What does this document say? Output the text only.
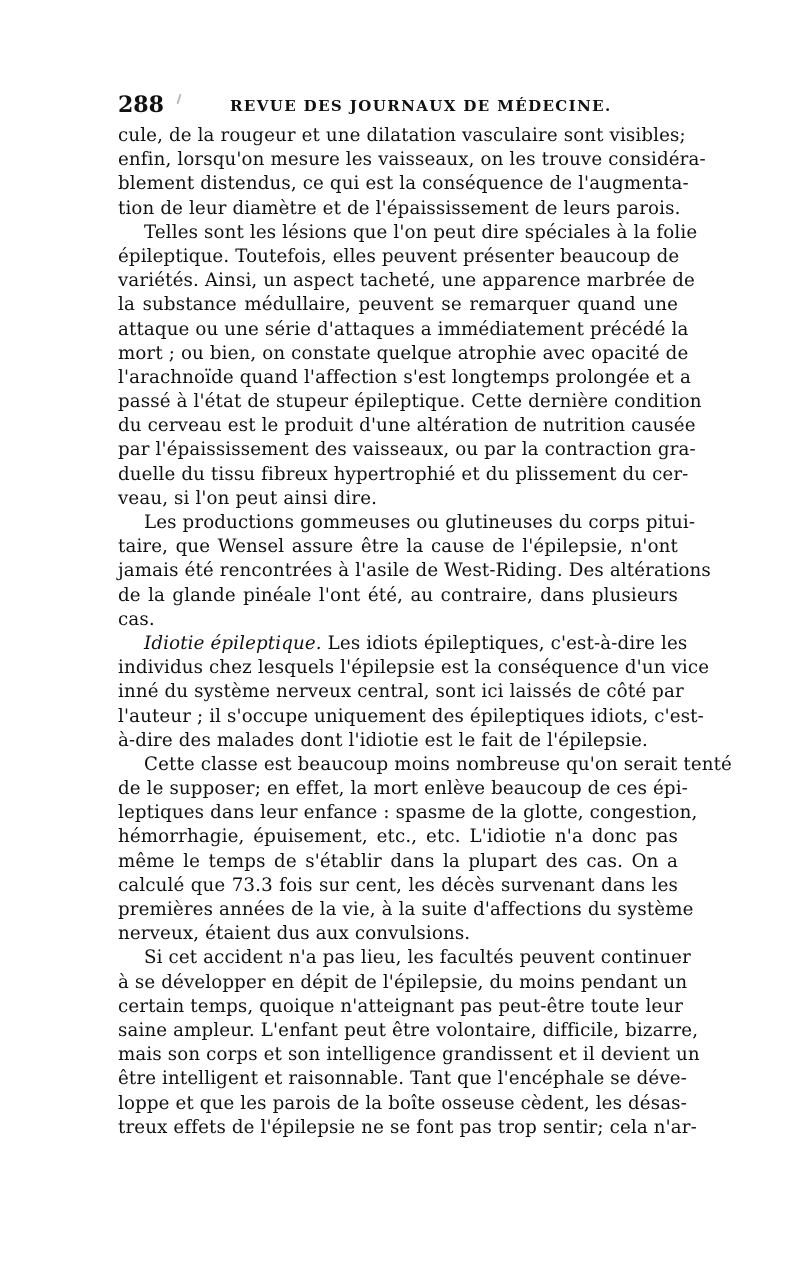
288	REVUE DES JOURNAUX DE MÉDECINE.
cule, de la rougeur et une dilatation vasculaire sont visibles;
enfin, lorsqu'on mesure les vaisseaux, on les trouve considéra-
blement distendus, ce qui est la conséquence de l'augmenta-
tion de leur diamètre et de l'épaississement de leurs parois.
Telles sont les lésions que l'on peut dire spéciales à la folie
épileptique. Toutefois, elles peuvent présenter beaucoup de
variétés. Ainsi, un aspect tacheté, une apparence marbrée de
la substance médullaire, peuvent se remarquer quand une
attaque ou une série d'attaques a immédiatement précédé la
mort ; ou bien, on constate quelque atrophie avec opacité de
l'arachnoïde quand l'affection s'est longtemps prolongée et a
passé à l'état de stupeur épileptique. Cette dernière condition
du cerveau est le produit d'une altération de nutrition causée
par l'épaississement des vaisseaux, ou par la contraction gra-
duelle du tissu fibreux hypertrophié et du plissement du cer-
veau, si l'on peut ainsi dire.
Les productions gommeuses ou glutineuses du corps pitui-
taire, que Wensel assure être la cause de l'épilepsie, n'ont
jamais été rencontrées à l'asile de West-Riding. Des altérations
de la glande pinéale l'ont été, au contraire, dans plusieurs
cas.
Idiotie épileptique. Les idiots épileptiques, c'est-à-dire les
individus chez lesquels l'épilepsie est la conséquence d'un vice
inné du système nerveux central, sont ici laissés de côté par
l'auteur ; il s'occupe uniquement des épileptiques idiots, c'est-
à-dire des malades dont l'idiotie est le fait de l'épilepsie.
Cette classe est beaucoup moins nombreuse qu'on serait tenté
de le supposer; en effet, la mort enlève beaucoup de ces épi-
leptiques dans leur enfance : spasme de la glotte, congestion,
hémorrhagie, épuisement, etc., etc. L'idiotie n'a donc pas
même le temps de s'établir dans la plupart des cas. On a
calculé que 73.3 fois sur cent, les décès survenant dans les
premières années de la vie, à la suite d'affections du système
nerveux, étaient dus aux convulsions.
Si cet accident n'a pas lieu, les facultés peuvent continuer
à se développer en dépit de l'épilepsie, du moins pendant un
certain temps, quoique n'atteignant pas peut-être toute leur
saine ampleur. L'enfant peut être volontaire, difficile, bizarre,
mais son corps et son intelligence grandissent et il devient un
être intelligent et raisonnable. Tant que l'encéphale se déve-
loppe et que les parois de la boîte osseuse cèdent, les désas-
treux effets de l'épilepsie ne se font pas trop sentir; cela n'ar-
